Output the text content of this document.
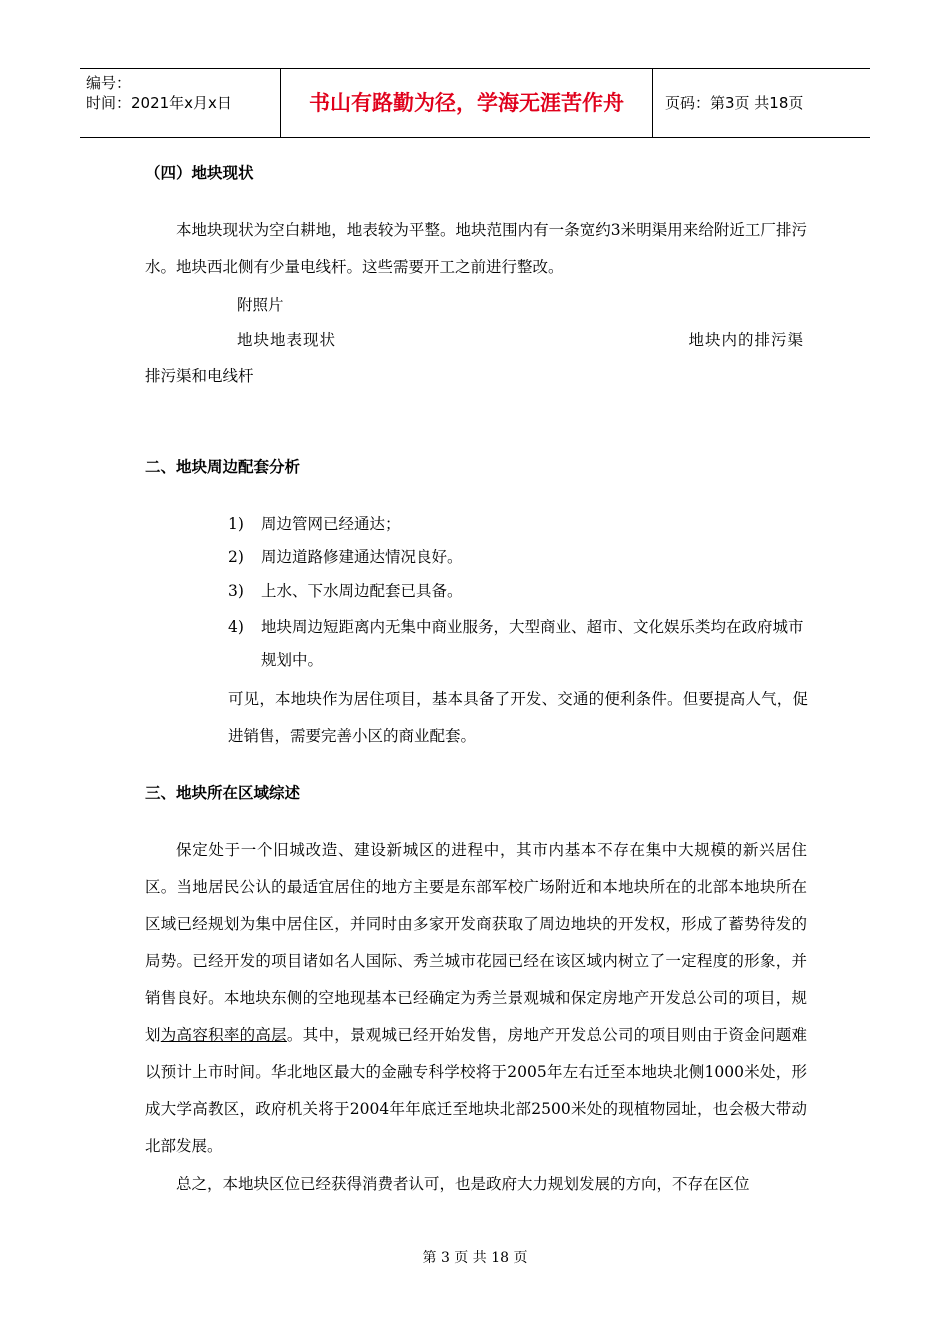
编号：
时间：2021年x月x日	书山有路勤为径，学海无涯苦作舟	页码：第3页 共18页
（四）地块现状
本地块现状为空白耕地，地表较为平整。地块范围内有一条宽约3米明渠用来给附近工厂排污水。地块西北侧有少量电线杆。这些需要开工之前进行整改。
附照片
地块地表现状	地块内的排污渠
排污渠和电线杆
二、地块周边配套分析
1) 周边管网已经通达；
2) 周边道路修建通达情况良好。
3) 上水、下水周边配套已具备。
4) 地块周边短距离内无集中商业服务，大型商业、超市、文化娱乐类均在政府城市规划中。
可见，本地块作为居住项目，基本具备了开发、交通的便利条件。但要提高人气，促进销售，需要完善小区的商业配套。
三、地块所在区域综述
保定处于一个旧城改造、建设新城区的进程中，其市内基本不存在集中大规模的新兴居住区。当地居民公认的最适宜居住的地方主要是东部军校广场附近和本地块所在的北部本地块所在区域已经规划为集中居住区，并同时由多家开发商获取了周边地块的开发权，形成了蓄势待发的局势。已经开发的项目诸如名人国际、秀兰城市花园已经在该区域内树立了一定程度的形象，并销售良好。本地块东侧的空地现基本已经确定为秀兰景观城和保定房地产开发总公司的项目，规划为高容积率的高层。其中，景观城已经开始发售，房地产开发总公司的项目则由于资金问题难以预计上市时间。华北地区最大的金融专科学校将于2005年左右迁至本地块北侧1000米处，形成大学高教区，政府机关将于2004年年底迁至地块北部2500米处的现植物园址，也会极大带动北部发展。
总之，本地块区位已经获得消费者认可，也是政府大力规划发展的方向，不存在区位
第 3 页 共 18 页
